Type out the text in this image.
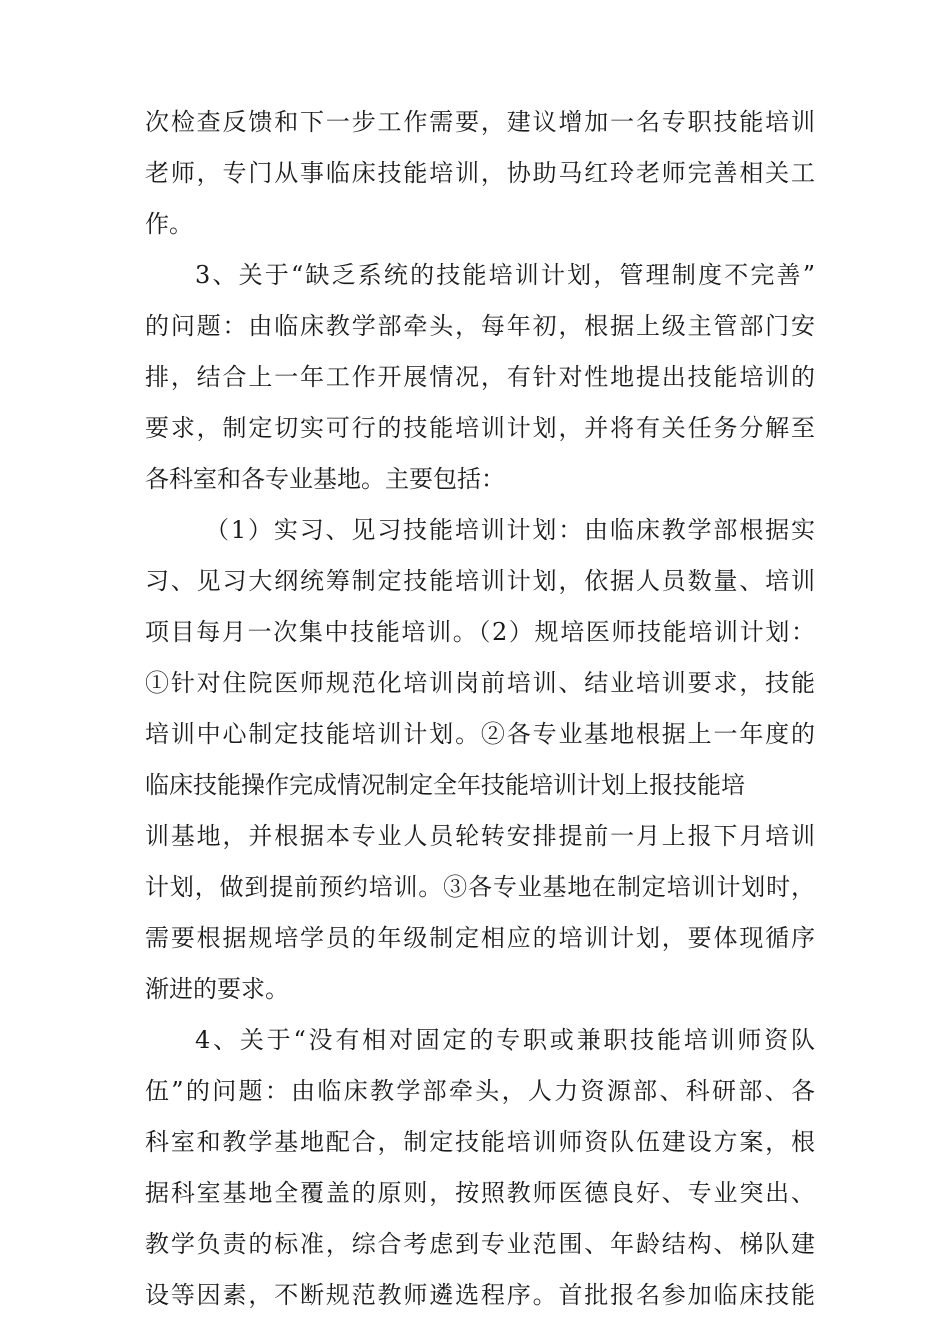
次检查反馈和下一步工作需要，建议增加一名专职技能培训
老师，专门从事临床技能培训，协助马红玲老师完善相关工
作。
3、关于“缺乏系统的技能培训计划，管理制度不完善”
的问题：由临床教学部牵头，每年初，根据上级主管部门安
排，结合上一年工作开展情况，有针对性地提出技能培训的
要求，制定切实可行的技能培训计划，并将有关任务分解至
各科室和各专业基地。主要包括：
（1）实习、见习技能培训计划：由临床教学部根据实
习、见习大纲统筹制定技能培训计划，依据人员数量、培训
项目每月一次集中技能培训。（2）规培医师技能培训计划：
①针对住院医师规范化培训岗前培训、结业培训要求，技能
培训中心制定技能培训计划。②各专业基地根据上一年度的
临床技能操作完成情况制定全年技能培训计划上报技能培
训基地，并根据本专业人员轮转安排提前一月上报下月培训
计划，做到提前预约培训。③各专业基地在制定培训计划时，
需要根据规培学员的年级制定相应的培训计划，要体现循序
渐进的要求。
4、关于“没有相对固定的专职或兼职技能培训师资队
伍”的问题：由临床教学部牵头，人力资源部、科研部、各
科室和教学基地配合，制定技能培训师资队伍建设方案，根
据科室基地全覆盖的原则，按照教师医德良好、专业突出、
教学负责的标准，综合考虑到专业范围、年龄结构、梯队建
设等因素，不断规范教师遴选程序。首批报名参加临床技能
